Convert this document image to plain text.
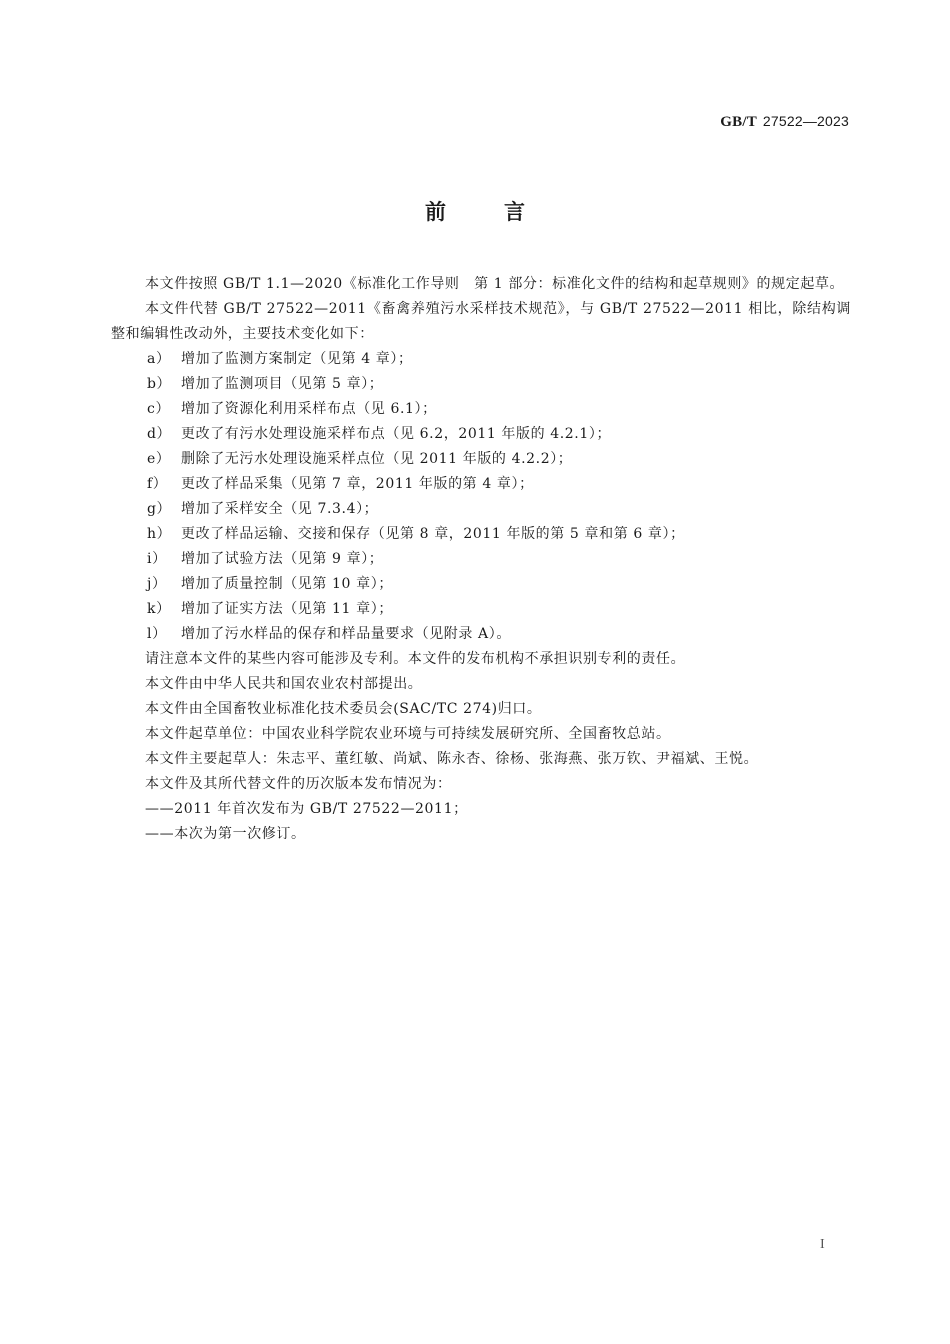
GB/T 27522—2023
前	言

本文件按照 GB/T 1.1—2020《标准化工作导则　第 1 部分：标准化文件的结构和起草规则》的规定起草。

本文件代替 GB/T 27522—2011《畜禽养殖污水采样技术规范》，与 GB/T 27522—2011 相比，除结构调整和编辑性改动外，主要技术变化如下：

a） 增加了监测方案制定（见第 4 章）；

b） 增加了监测项目（见第 5 章）；

c） 增加了资源化利用采样布点（见 6.1）；

d） 更改了有污水处理设施采样布点（见 6.2，2011 年版的 4.2.1）；

e） 删除了无污水处理设施采样点位（见 2011 年版的 4.2.2）；

f） 更改了样品采集（见第 7 章，2011 年版的第 4 章）；

g） 增加了采样安全（见 7.3.4）；

h） 更改了样品运输、交接和保存（见第 8 章，2011 年版的第 5 章和第 6 章）；

i）	增加了试验方法（见第 9 章）；

j）	增加了质量控制（见第 10 章）；

k） 增加了证实方法（见第 11 章）；

l）	增加了污水样品的保存和样品量要求（见附录 A）。

请注意本文件的某些内容可能涉及专利。本文件的发布机构不承担识别专利的责任。

本文件由中华人民共和国农业农村部提出。

本文件由全国畜牧业标准化技术委员会(SAC/TC 274)归口。

本文件起草单位：中国农业科学院农业环境与可持续发展研究所、全国畜牧总站。

本文件主要起草人：朱志平、董红敏、尚斌、陈永杏、徐杨、张海燕、张万钦、尹福斌、王悦。

本文件及其所代替文件的历次版本发布情况为：

——2011 年首次发布为 GB/T 27522—2011；

——本次为第一次修订。

I
